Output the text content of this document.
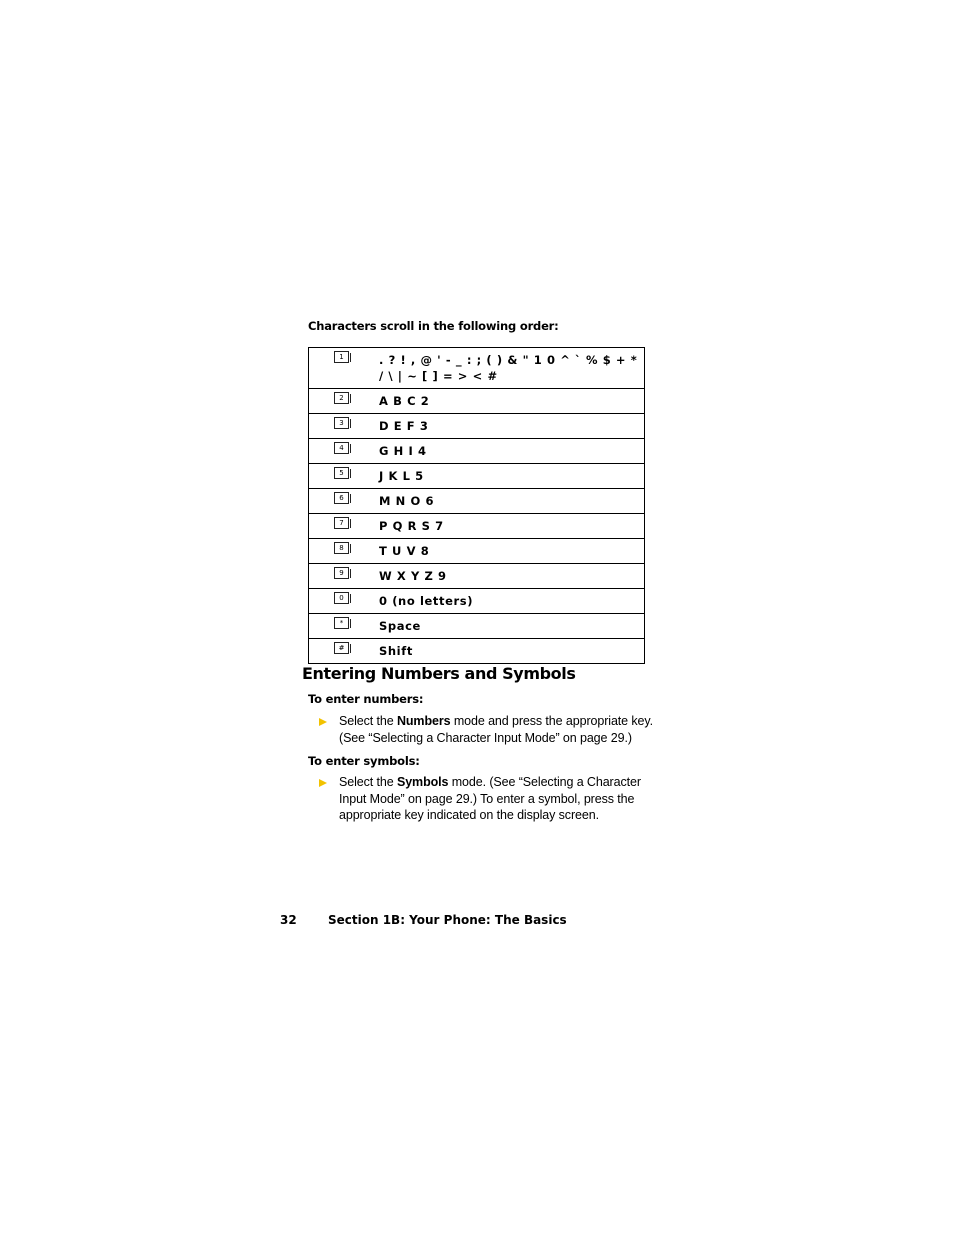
Characters scroll in the following order:
1	. ? ! , @ ' - _ : ; ( ) & " 1 0 ^ ` % $ + * / \ | ~ [ ] = > < #

2	A B C 2

3	D E F 3

4	G H I 4

5	J K L 5

6	M N O 6

7	P Q R S 7

8	T U V 8

9	W X Y Z 9

0	0 (no letters)

*	Space

#	Shift
Entering Numbers and Symbols
To enter numbers:
Select the Numbers mode and press the appropriate key. (See “Selecting a Character Input Mode” on page 29.)
To enter symbols:
Select the Symbols mode. (See “Selecting a Character Input Mode” on page 29.) To enter a symbol, press the appropriate key indicated on the display screen.
32	Section 1B: Your Phone: The Basics
